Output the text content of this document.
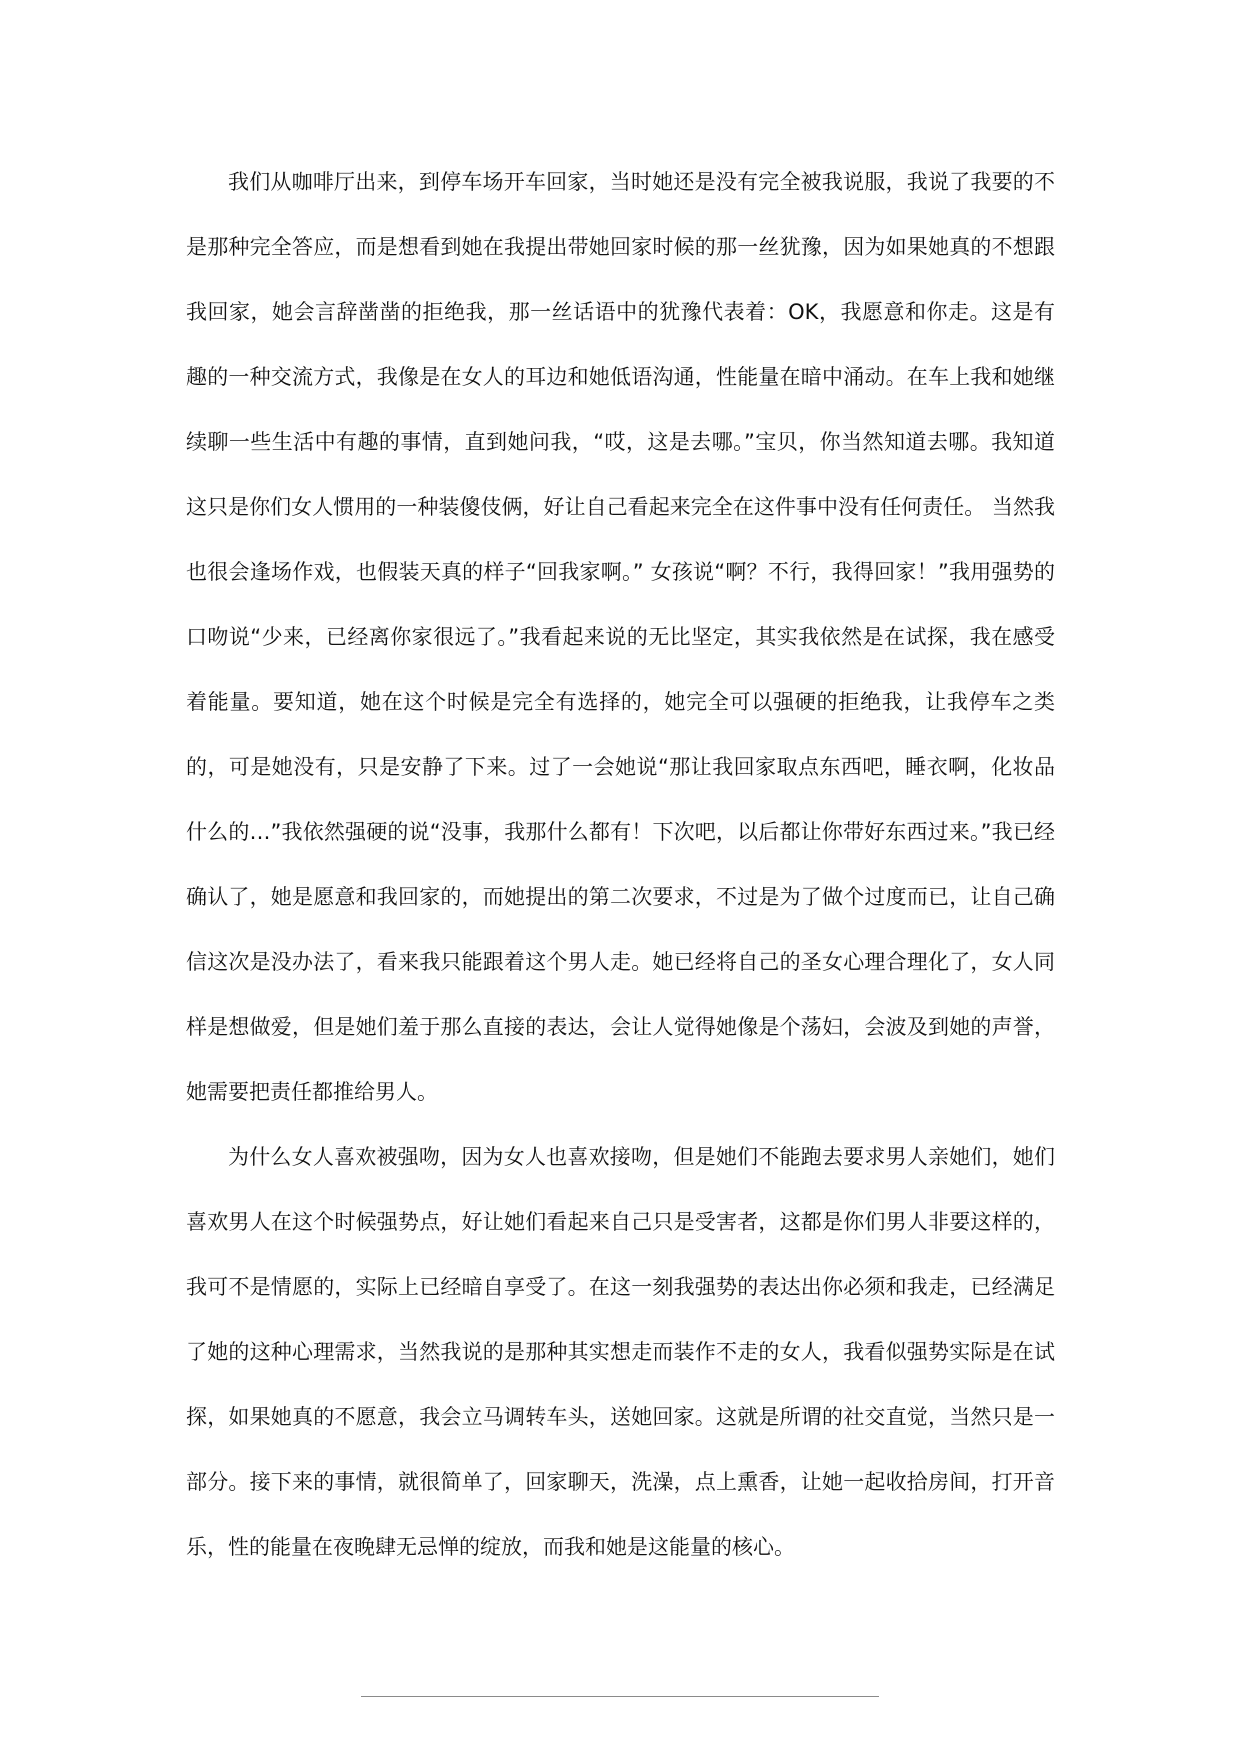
我们从咖啡厅出来，到停车场开车回家，当时她还是没有完全被我说服，我说了我要的不是那种完全答应，而是想看到她在我提出带她回家时候的那一丝犹豫，因为如果她真的不想跟我回家，她会言辞凿凿的拒绝我，那一丝话语中的犹豫代表着：OK，我愿意和你走。这是有趣的一种交流方式，我像是在女人的耳边和她低语沟通，性能量在暗中涌动。在车上我和她继续聊一些生活中有趣的事情，直到她问我，“哎，这是去哪。”宝贝，你当然知道去哪。我知道这只是你们女人惯用的一种装傻伎俩，好让自己看起来完全在这件事中没有任何责任。 当然我也很会逢场作戏，也假装天真的样子“回我家啊。” 女孩说“啊？不行，我得回家！”我用强势的口吻说“少来，已经离你家很远了。”我看起来说的无比坚定，其实我依然是在试探，我在感受着能量。要知道，她在这个时候是完全有选择的，她完全可以强硬的拒绝我，让我停车之类的，可是她没有，只是安静了下来。过了一会她说“那让我回家取点东西吧，睡衣啊，化妆品什么的…”我依然强硬的说“没事，我那什么都有！下次吧，以后都让你带好东西过来。”我已经确认了，她是愿意和我回家的，而她提出的第二次要求，不过是为了做个过度而已，让自己确信这次是没办法了，看来我只能跟着这个男人走。她已经将自己的圣女心理合理化了，女人同样是想做爱，但是她们羞于那么直接的表达，会让人觉得她像是个荡妇，会波及到她的声誉，她需要把责任都推给男人。

为什么女人喜欢被强吻，因为女人也喜欢接吻，但是她们不能跑去要求男人亲她们，她们喜欢男人在这个时候强势点，好让她们看起来自己只是受害者，这都是你们男人非要这样的，我可不是情愿的，实际上已经暗自享受了。在这一刻我强势的表达出你必须和我走，已经满足了她的这种心理需求，当然我说的是那种其实想走而装作不走的女人，我看似强势实际是在试探，如果她真的不愿意，我会立马调转车头，送她回家。这就是所谓的社交直觉，当然只是一部分。接下来的事情，就很简单了，回家聊天，洗澡，点上熏香，让她一起收拾房间，打开音乐，性的能量在夜晚肆无忌惮的绽放，而我和她是这能量的核心。
